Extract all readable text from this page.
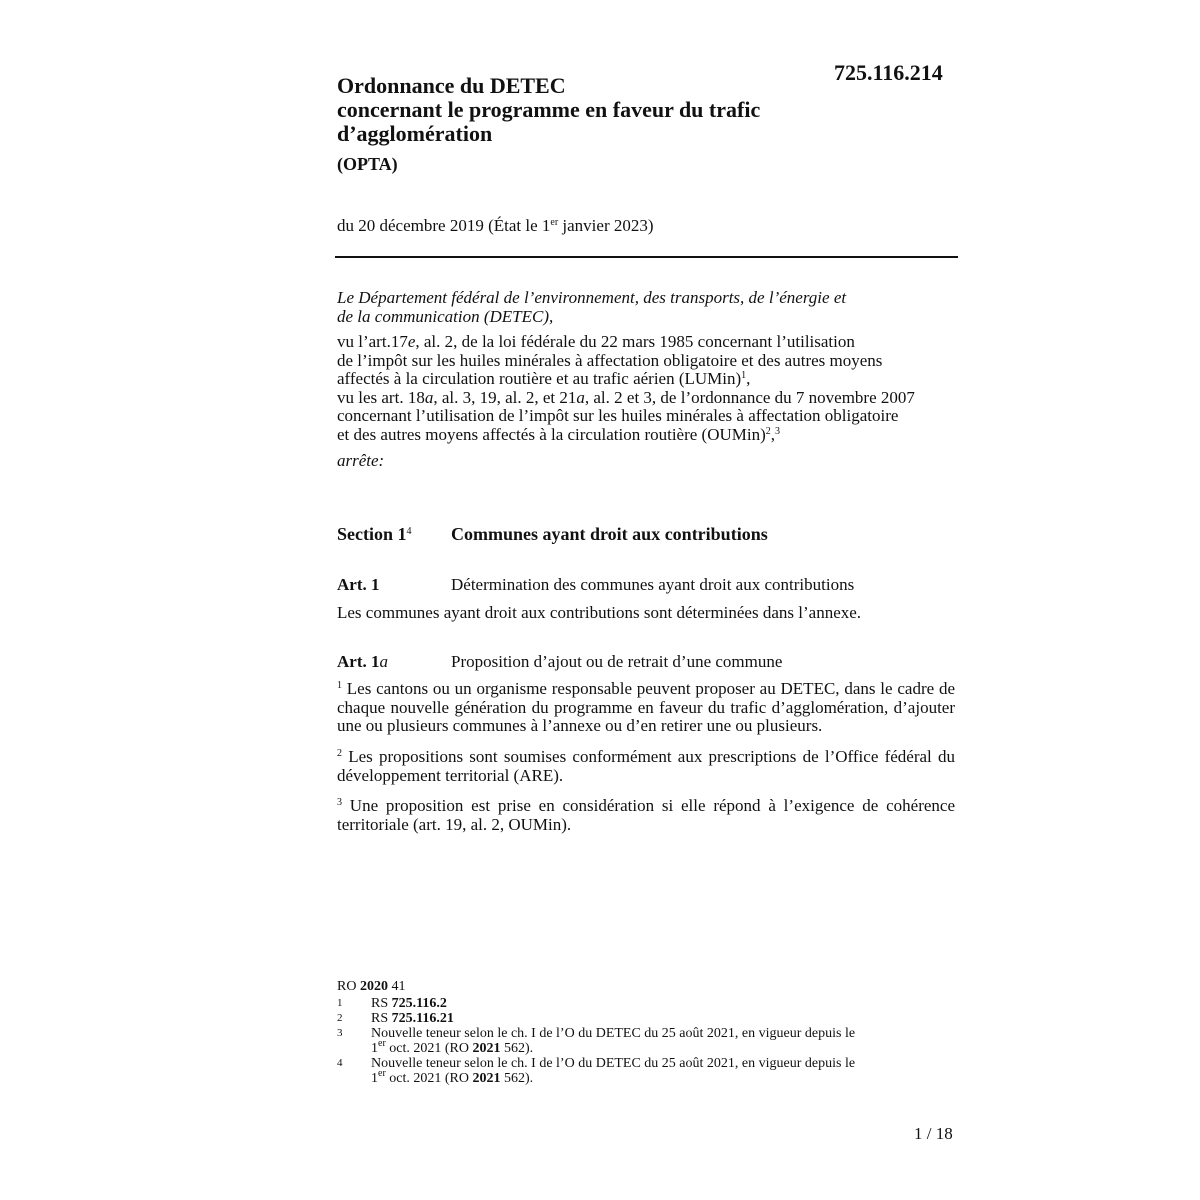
725.116.214
Ordonnance du DETEC
concernant le programme en faveur du trafic
d’agglomération
(OPTA)
du 20 décembre 2019 (État le 1er janvier 2023)

Le Département fédéral de l’environnement, des transports, de l’énergie et
de la communication (DETEC),

vu l’art.17e, al. 2, de la loi fédérale du 22 mars 1985 concernant l’utilisation
de l’impôt sur les huiles minérales à affectation obligatoire et des autres moyens
affectés à la circulation routière et au trafic aérien (LUMin)$^1$,

vu les art. 18a, al. 3, 19, al. 2, et 21a, al. 2 et 3, de l’ordonnance du 7 novembre 2007
concernant l’utilisation de l’impôt sur les huiles minérales à affectation obligatoire
et des autres moyens affectés à la circulation routière (OUMin)$^2$,$^3$

arrête:

Section $1^4$ Communes ayant droit aux contributions
Art. 1	Détermination des communes ayant droit aux contributions
Les communes ayant droit aux contributions sont déterminées dans l’annexe.
Art. 1a	Proposition d’ajout ou de retrait d’une commune
$^1$ Les cantons ou un organisme responsable peuvent proposer au DETEC, dans le cadre de chaque nouvelle génération du programme en faveur du trafic d’agglomération, d’ajouter une ou plusieurs communes à l’annexe ou d’en retirer une ou plusieurs.
$^2$ Les propositions sont soumises conformément aux prescriptions de l’Office fédéral du développement territorial (ARE).
$^3$ Une proposition est prise en considération si elle répond à l’exigence de cohérence territoriale (art. 19, al. 2, OUMin).
RO 2020 41
1	RS 725.116.2
2	RS 725.116.21
3	Nouvelle teneur selon le ch. I de l’O du DETEC du 25 août 2021, en vigueur depuis le
1er oct. 2021 (RO 2021 562).
4	Nouvelle teneur selon le ch. I de l’O du DETEC du 25 août 2021, en vigueur depuis le
1er oct. 2021 (RO 2021 562).
1 / 18
